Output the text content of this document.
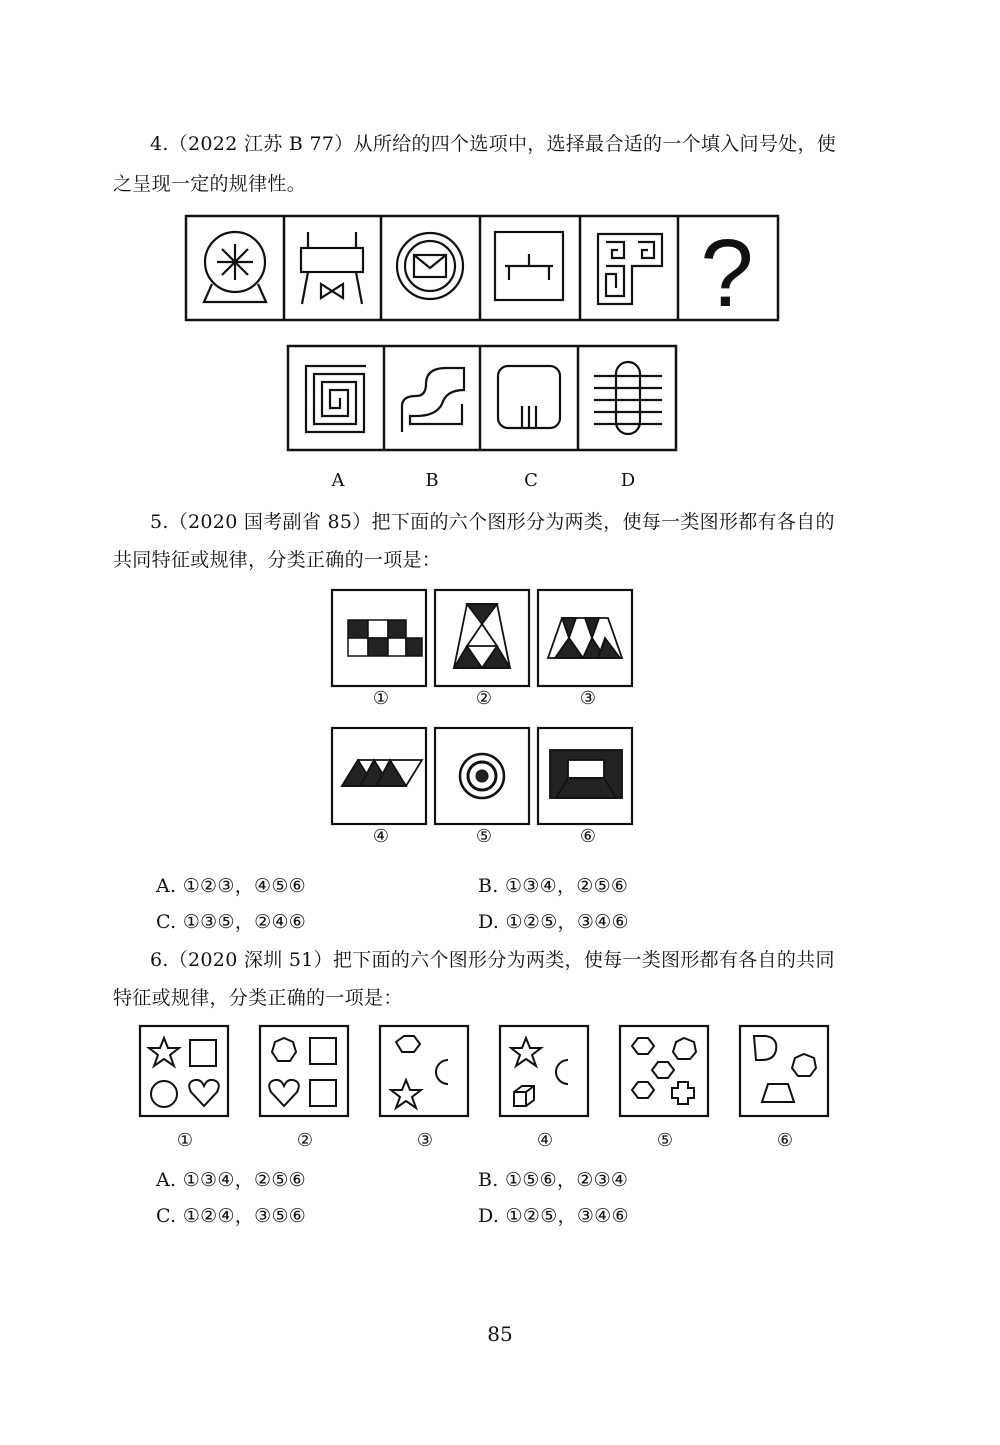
4.（2022 江苏 B 77）从所给的四个选项中，选择最合适的一个填入问号处，使
之呈现一定的规律性。
?
A	B	C	D
5.（2020 国考副省 85）把下面的六个图形分为两类，使每一类图形都有各自的
共同特征或规律，分类正确的一项是：
①	②	③
④	⑤	⑥
A. ①②③，④⑤⑥	B. ①③④，②⑤⑥
C. ①③⑤，②④⑥	D. ①②⑤，③④⑥
6.（2020 深圳 51）把下面的六个图形分为两类，使每一类图形都有各自的共同
特征或规律，分类正确的一项是：
①	②	③	④	⑤	⑥
A. ①③④，②⑤⑥	B. ①⑤⑥，②③④
C. ①②④，③⑤⑥	D. ①②⑤，③④⑥
85
